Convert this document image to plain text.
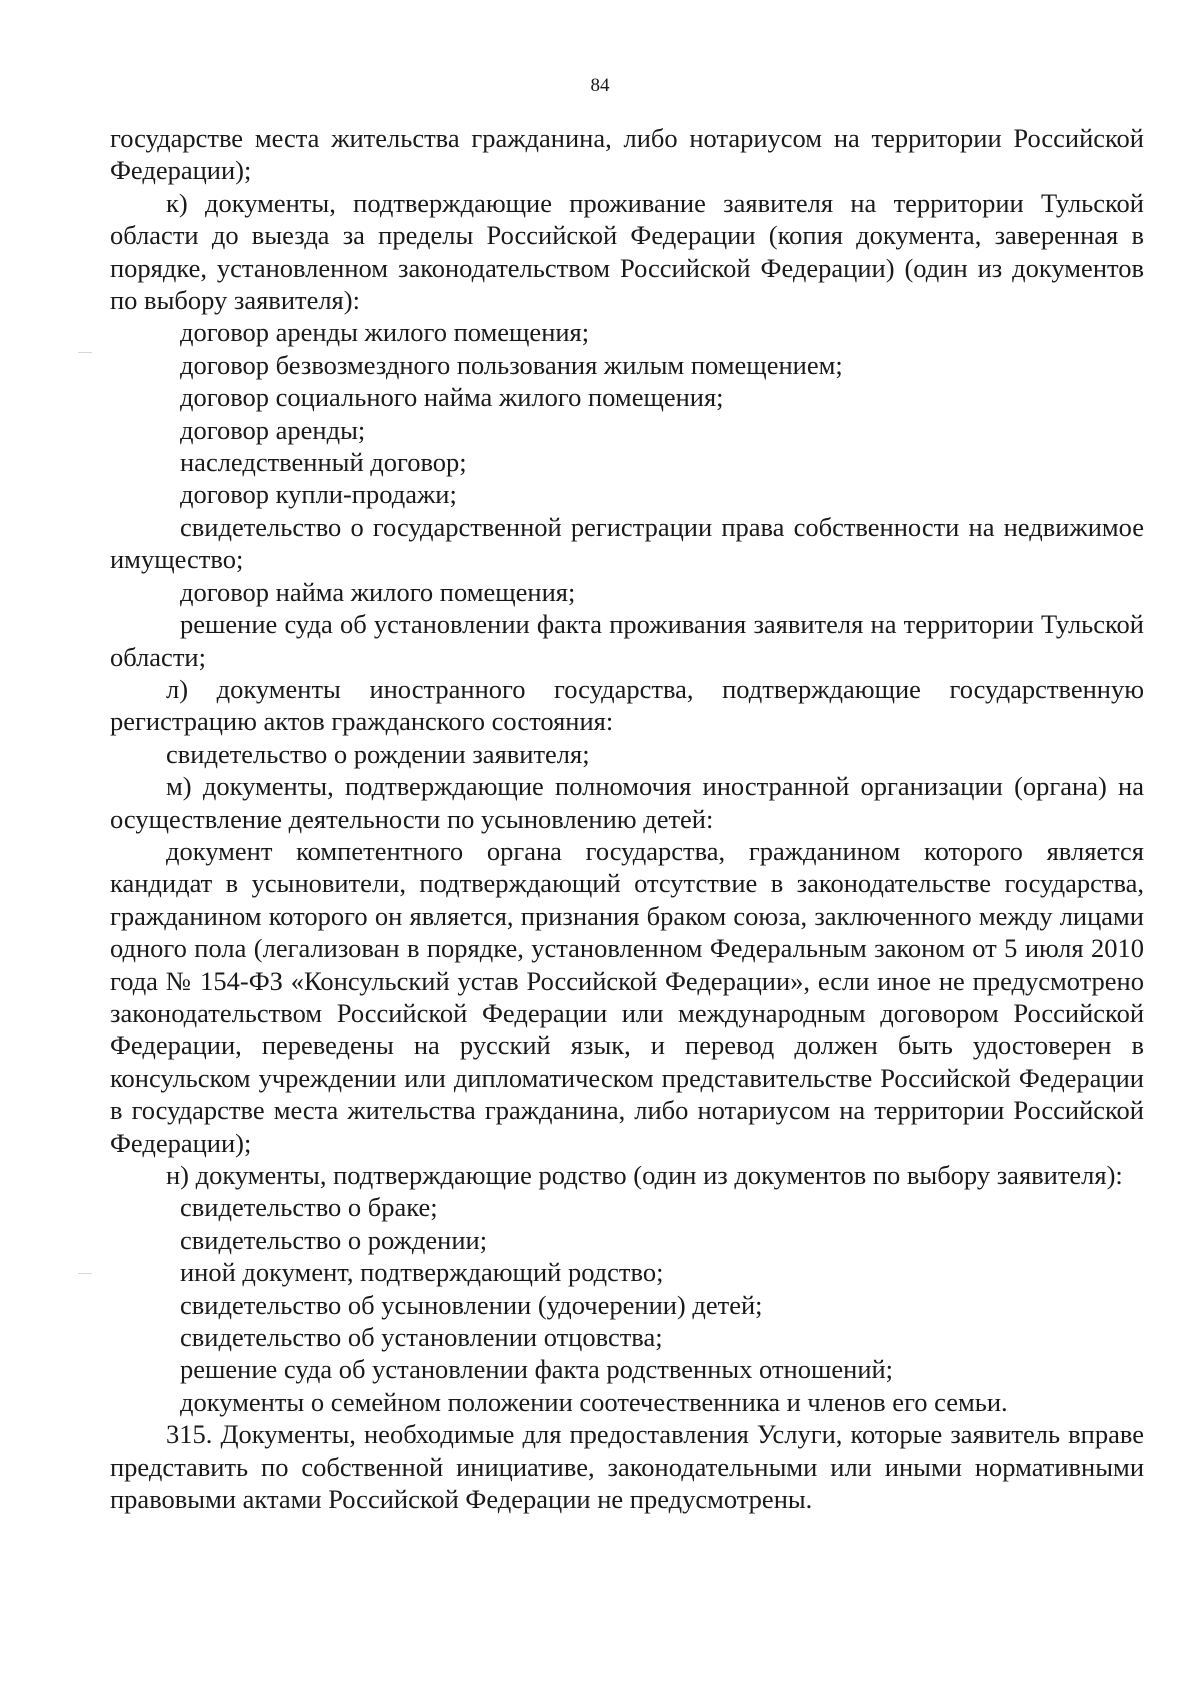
84

государстве места жительства гражданина, либо нотариусом на территории Российской Федерации);

к) документы, подтверждающие проживание заявителя на территории Тульской области до выезда за пределы Российской Федерации (копия документа, заверенная в порядке, установленном законодательством Российской Федерации) (один из документов по выбору заявителя):

договор аренды жилого помещения;

договор безвозмездного пользования жилым помещением;

договор социального найма жилого помещения;

договор аренды;

наследственный договор;

договор купли-продажи;

свидетельство о государственной регистрации права собственности на недвижимое имущество;

договор найма жилого помещения;

решение суда об установлении факта проживания заявителя на территории Тульской области;

л) документы иностранного государства, подтверждающие государственную регистрацию актов гражданского состояния:

свидетельство о рождении заявителя;

м) документы, подтверждающие полномочия иностранной организации (органа) на осуществление деятельности по усыновлению детей:

документ компетентного органа государства, гражданином которого является кандидат в усыновители, подтверждающий отсутствие в законодательстве государства, гражданином которого он является, признания браком союза, заключенного между лицами одного пола (легализован в порядке, установленном Федеральным законом от 5 июля 2010 года № 154-ФЗ «Консульский устав Российской Федерации», если иное не предусмотрено законодательством Российской Федерации или международным договором Российской Федерации, переведены на русский язык, и перевод должен быть удостоверен в консульском учреждении или дипломатическом представительстве Российской Федерации в государстве места жительства гражданина, либо нотариусом на территории Российской Федерации);

н) документы, подтверждающие родство (один из документов по выбору заявителя):

свидетельство о браке;

свидетельство о рождении;

иной документ, подтверждающий родство;

свидетельство об усыновлении (удочерении) детей;

свидетельство об установлении отцовства;

решение суда об установлении факта родственных отношений;

документы о семейном положении соотечественника и членов его семьи.

315. Документы, необходимые для предоставления Услуги, которые заявитель вправе представить по собственной инициативе, законодательными или иными нормативными правовыми актами Российской Федерации не предусмотрены.
